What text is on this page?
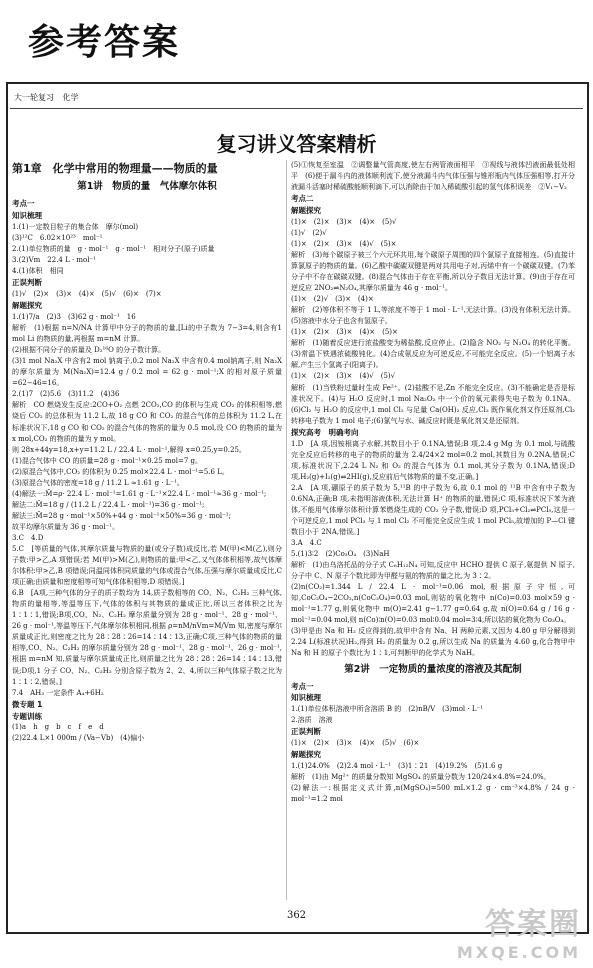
参考答案
大一轮复习 化学
复习讲义答案精析
第1章　化学中常用的物理量——物质的量
第1讲　物质的量　气体摩尔体积
考点一
知识梳理
1.(1)一定数目粒子的集合体　摩尔(mol)
(3)¹²C　6.02×10²³　mol⁻¹
2.(1)单位物质的量　g · mol⁻¹　g · mol⁻¹　相对分子(原子)质量
3.(2)Vm　22.4 L · mol⁻¹
4.(1)体积　相同
正误判断
(1)√　(2)×　(3)×　(4)×　(5)√　(6)×　(7)×
解题探究
1.(1)7/a　(2)3　(3)62 g · mol⁻¹　16
解析　(1)根据 n=N/NA 计算甲中分子的物质的量,[Li的中子数为 7−3=4,则含有1 mol Li 的物质的量,再根据 m=nM 计算。
(2)根据不同分子的质量及 D₂¹⁶O 的分子数计算。
(3)1 mol Na₂X 中含有2 mol 钠离子,0.2 mol Na₂X 中含有0.4 mol钠离子,则 Na₂X 的摩尔质量为 M(Na₂X)=12.4 g / 0.2 mol = 62 g · mol⁻¹;X 的相对原子质量=62−46=16。
2.(1)7　(2)5.6　(3)11.2　(4)36
解析　CO 燃烧发生反应:2CO+O₂ 点燃 2CO₂,CO 的体积与生成 CO₂ 的体积相等,燃烧后 CO₂ 的总体积为 11.2 L,故 18 g CO 和 CO₂ 的混合气体的总体积为 11.2 L,在标准状况下,18 g CO 和 CO₂ 的混合气体的物质的量为 0.5 mol,设 CO 的物质的量为 x mol,CO₂ 的物质的量为 y mol。
则 28x+44y=18,x+y=11.2 L / 22.4 L · mol⁻¹,解得 x=0.25,y=0.25。
(1)混合气体中 CO 的质量=28 g · mol⁻¹×0.25 mol=7 g。
(2)原混合气体中,CO₂ 的体积为 0.25 mol×22.4 L · mol⁻¹=5.6 L。
(3)原混合气体的密度=18 g / 11.2 L ≈1.61 g · L⁻¹。
(4)解法一:M̄=ρ· 22.4 L · mol⁻¹=1.61 g · L⁻¹×22.4 L · mol⁻¹≈36 g · mol⁻¹;
解法二:M̄=18 g / (11.2 L / 22.4 L · mol⁻¹)=36 g · mol⁻¹;
解法三:M̄=28 g · mol⁻¹×50%+44 g · mol⁻¹×50%=36 g · mol⁻¹;
故平均摩尔质量为 36 g · mol⁻¹。
3.C　4.D
5.C　[等质量的气体,其摩尔质量与物质的量(或分子数)成反比,若 M(甲)<M(乙),则分子数:甲>乙,A 项错误;若 M(甲)>M(乙),则物质的量:甲<乙,又气体体积相等,故气体摩尔体积:甲>乙,B 项错误;同温同体积同质量的气体或混合气体,压强与摩尔质量成反比,C 项正确;由质量和密度相等可知气体体积相等,D 项错误。]
6.B　[A项,三种气体的分子的质子数均为 14,质子数相等的 CO、N₂、C₂H₂ 三种气体,物质的量相等,等温等压下,气体的体积与其物质的量成正比,所以三者体积之比为 1∶1∶1,错误;B项,CO、N₂、C₂H₂ 摩尔质量分别为 28 g · mol⁻¹、28 g · mol⁻¹、26 g · mol⁻¹,等温等压下,气体摩尔体积相同,根据 ρ=nM/nVm=M/Vm 知,密度与摩尔质量成正比,则密度之比为 28∶28∶26=14∶14∶13,正确;C项,三种气体的物质的量相等,CO、N₂、C₂H₂ 的摩尔质量分别为 28 g · mol⁻¹、28 g · mol⁻¹、26 g · mol⁻¹,根据 m=nM 知,质量与摩尔质量成正比,则质量之比为 28∶28∶26=14∶14∶13,错误;D项,1 分子 CO、N₂、C₂H₂ 分别含原子数为 2、2、4,所以三种气体原子数之比为 1∶1∶2,错误。]
7.4　AH₃ 一定条件 A₄+6H₂
微专题 1
专题训练
(1)a　h　g　b　c　f　e　d
(2)22.4 L×1 000m / (Va−Vb)　(4)偏小
(5)①恢复至室温　②调整量气管高度,使左右两管液面相平　③视线与液体凹液面最低处相平　(6)便于漏斗内的液体顺利流下,使分液漏斗内气体压强与锥形瓶内气体压强相等,打开分液漏斗活塞时稀硫酸能顺利滴下,可以消除由于加入稀硫酸引起的氢气体积误差　②V₁−V₂
考点二
解题探究
(1)×　(2)×　(3)×　(4)×　(5)√
(1)√　(2)√
(1)×　(2)×　(3)×　(4)√　(5)×
解析　(3)每个碳原子被三个六元环共用,每个碳原子周围的四个氯原子直接相连。(5)直接计算氯原子的物质的量。(6)乙酸中碳碳双键是两对共用电子对,丙烯中有一个碳碳双键。(7)苯分子中不存在碳碳双键。(8)混合气体由于存在平衡,所以分子数目无法计算。(9)由于存在可逆反应 2NO₂⇌N₂O₄,其摩尔质量为 46 g · mol⁻¹。
(1)×　(2)√　(3)×　(4)×
解析　(2)等体积不等于 1 L,等浓度不等于 1 mol · L⁻¹,无法计算。(3)没有体积无法计算。(5)溶液中水分子也含有氢原子。
(1)×　(2)×　(3)×　(4)×　(5)×
解析　(1)随着反应进行浓盐酸变为稀盐酸,反应停止。(2)隐含 NO₂ 与 N₂O₄ 的转化平衡。(3)常温下铁遇浓硫酸钝化。(4)合成氨反应为可逆反应,不可能完全反应。(5)一个铝离子水解,产生三个氢离子(阳离子)。
(1)×　(2)×　(3)×　(4)√　(5)√
解析　(1)当铁粉过量时生成 Fe²⁺。(2)盐酸不足,Zn 不能完全反应。(3)不能确定是否是标准状况下。(4)与 H₂O 反应时,1 mol Na₂O₂ 中一个价的氧元素得失电子数为 0.1NA。(6)Cl₂ 与 H₂O 的反应中,1 mol Cl₂ 与足量 Ca(OH)₂ 反应,Cl₂ 既作氧化剂又作还原剂,Cl₂ 转移电子数为 1 mol 电子;(6)氯气与水、碱反应时既是氧化剂又是还原剂。
探究高考　明确考向
1.D　[A 项,因铵根离子水解,其数目小于 0.1NA,错误;B 项,2.4 g Mg 为 0.1 mol,与硫酸完全反应后转移的电子的物质的量为 2.4/24×2 mol=0.2 mol,其数目为 0.2NA,错误;C 项,标准状况下,2.24 L N₂ 和 O₂ 的混合气体为 0.1 mol,其分子数为 0.1NA,错误;D 项,H₂(g)+I₂(g)⇌2HI(g),反应前后气体物质的量不变,正确。]
2.A　[A 项,硼原子的质子数为 5,¹¹B 的中子数为 6,故 0.1 mol 的 ¹¹B 中含有中子数为 0.6NA,正确;B 项,未指明溶液体积,无法计算 H⁺ 的物质的量,错误;C 项,标准状况下苯为液体,不能用气体摩尔体积计算苯燃烧生成的 CO₂ 分子数,错误;D 项,PCl₃+Cl₂⇌PCl₅,这是一个可逆反应,1 mol PCl₃ 与 1 mol Cl₂ 不可能完全反应生成 1 mol PCl₅,故增加的 P—Cl 键数目小于 2NA,错误。]
3.A　4.C
5.(1)3∶2　(2)Co₃O₄　(3)NaH
解析　(1)由乌洛托品的分子式 C₆H₁₂N₄ 可知,反应中 HCHO 提供 C 原子,氨提供 N 原子,分子中 C、N 原子个数比即为甲醛与氨的物质的量之比,为 3∶2。
(2)n(CO₂)=1.344 L / 22.4 L · mol⁻¹=0.06 mol,根据原子守恒,可知,CoC₂O₄~2CO₂,n(CoC₂O₄)=0.03 mol,则钴的氧化物中 n(Co)=0.03 mol×59 g · mol⁻¹=1.77 g,则氧化物中 m(O)=2.41 g−1.77 g=0.64 g,故 n(O)=0.64 g / 16 g · mol⁻¹=0.04 mol,则 n(Co)∶n(O)=0.03 mol∶0.04 mol=3∶4,所以钴的氧化物为 Co₃O₄。
(3)甲是由 Na 和 H₂ 反应得到的,故甲中含有 Na、H 两种元素,又因为 4.80 g 甲分解得到 2.24 L(标准状况)H₂,得到 H₂ 的质量为 0.2 g,所以生成 Na 的质量为 4.60 g,化合物甲中 Na 和 H 的原子个数比为 1∶1,可判断甲的化学式为 NaH。
第2讲　一定物质的量浓度的溶液及其配制
考点一
知识梳理
1.(1)单位体积溶液中所含溶质 B 的　(2)nB/V　(3)mol · L⁻¹
2.溶质　溶液
正误判断
(1)×　(2)×　(3)×　(4)×　(5)√　(6)×
解题探究
1.(1)24.0%　(2)2.4 mol · L⁻¹　(3)1∶21　(4)19.2%　(5)1.6 g
解析　(1)由 Mg²⁺ 的质量分数知 MgSO₄ 的质量分数为 120/24×4.8%=24.0%。
(2)解法一:根据定义式计算,n(MgSO₄)=500 mL×1.2 g · cm⁻³×4.8% / 24 g · mol⁻¹=1.2 mol
362	答案圈
MXQE.COM
